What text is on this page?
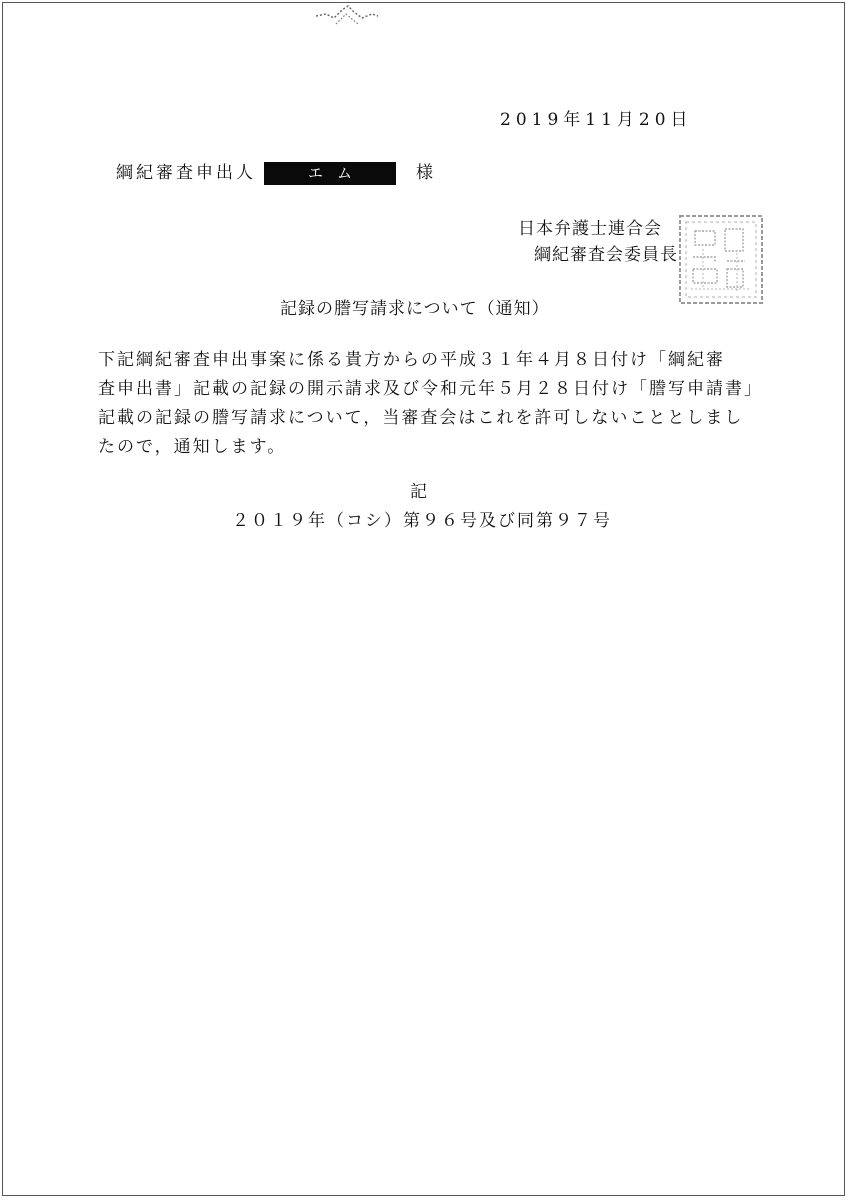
2019年11月20日
綱紀審査申出人	エム	様
日本弁護士連合会
綱紀審査会委員長
記録の謄写請求について（通知）
下記綱紀審査申出事案に係る貴方からの平成３１年４月８日付け「綱紀審
査申出書」記載の記録の開示請求及び令和元年５月２８日付け「謄写申請書」
記載の記録の謄写請求について，当審査会はこれを許可しないこととしまし
たので，通知します。
記
２０１９年（コシ）第９６号及び同第９７号
